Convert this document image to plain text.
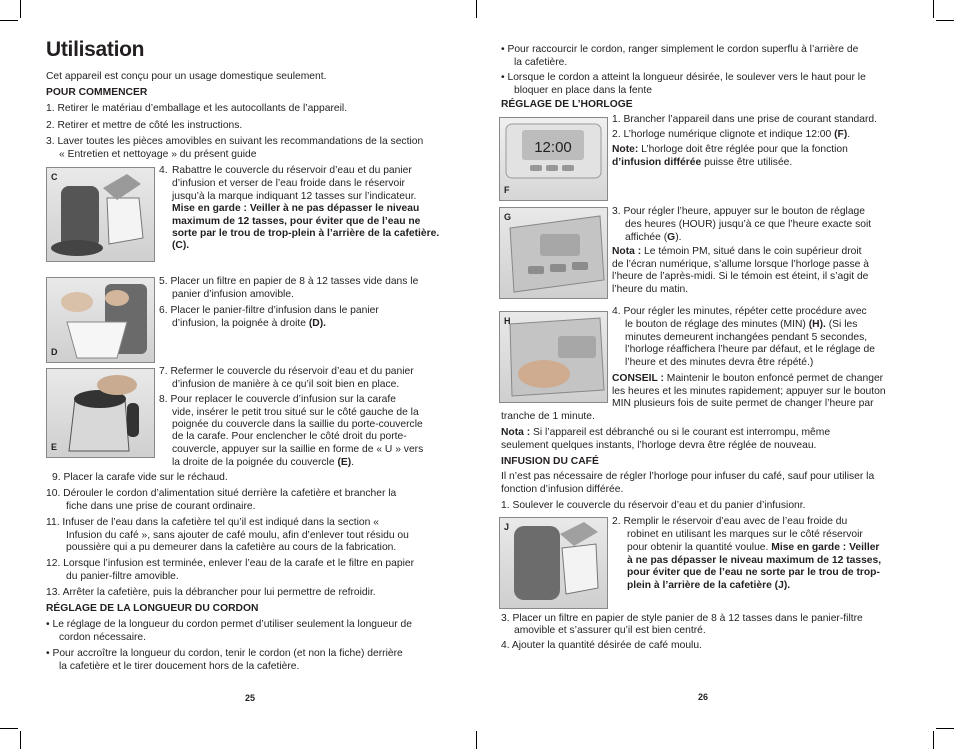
Utilisation

Cet appareil est conçu pour un usage domestique seulement.

POUR COMMENCER

1. Retirer le matériau d’emballage et les autocollants de l’appareil.

2. Retirer et mettre de côté les instructions.

3. Laver toutes les pièces amovibles en suivant les recommandations de la section

« Entretien et nettoyage » du présent guide

C
4. Rabattre le couvercle du réservoir d’eau et du panier

d’infusion et verser de l’eau froide dans le réservoir

jusqu’à la marque indiquant 12 tasses sur l’indicateur.

Mise en garde : Veiller à ne pas dépasser le niveau

maximum de 12 tasses, pour éviter que de l’eau ne

sorte par le trou de trop-plein à l’arrière de la cafetière.

(C).

D

5. Placer un filtre en papier de 8 à 12 tasses vide dans le

panier d’infusion amovible.

6. Placer le panier-filtre d’infusion dans le panier

d’infusion, la poignée à droite (D).

E

7. Refermer le couvercle du réservoir d’eau et du panier

d’infusion de manière à ce qu’il soit bien en place.

8. Pour replacer le couvercle d’infusion sur la carafe

vide, insérer le petit trou situé sur le côté gauche de la

poignée du couvercle dans la saillie du porte-couvercle

de la carafe. Pour enclencher le côté droit du porte-

couvercle, appuyer sur la saillie en forme de « U » vers

la droite de la poignée du couvercle (E).

9. Placer la carafe vide sur le réchaud.

10. Dérouler le cordon d’alimentation situé derrière la cafetière et brancher la

fiche dans une prise de courant ordinaire.

11. Infuser de l’eau dans la cafetière tel qu’il est indiqué dans la section «

Infusion du café », sans ajouter de café moulu, afin d’enlever tout résidu ou

poussière qui a pu demeurer dans la cafetière au cours de la fabrication.

12. Lorsque l’infusion est terminée, enlever l’eau de la carafe et le filtre en papier

du panier-filtre amovible.

13. Arrêter la cafetière, puis la débrancher pour lui permettre de refroidir.

RÉGLAGE DE LA LONGUEUR DU CORDON

• Le réglage de la longueur du cordon permet d’utiliser seulement la longueur de

cordon nécessaire.

• Pour accroître la longueur du cordon, tenir le cordon (et non la fiche) derrière

la cafetière et le tirer doucement hors de la cafetière.

25

• Pour raccourcir le cordon, ranger simplement le cordon superflu à l’arrière de

la cafetière.

• Lorsque le cordon a atteint la longueur désirée, le soulever vers le haut pour le

bloquer en place dans la fente

RÉGLAGE DE L’HORLOGE

12:00
F

1. Brancher l’appareil dans une prise de courant standard.

2. L’horloge numérique clignote et indique 12:00 (F).

Note: L’horloge doit être réglée pour que la fonction

d’infusion différée puisse être utilisée.

G	3. Pour régler l’heure, appuyer sur le bouton de réglage

des heures (HOUR) jusqu’à ce que l’heure exacte soit

affichée (G).

Nota : Le témoin PM, situé dans le coin supérieur droit

de l’écran numérique, s’allume lorsque l’horloge passe à

l’heure de l’après-midi. Si le témoin est éteint, il s’agit de

l’heure du matin.

H

4. Pour régler les minutes, répéter cette procédure avec

le bouton de réglage des minutes (MIN) (H). (Si les

minutes demeurent inchangées pendant 5 secondes,

l’horloge réaffichera l’heure par défaut, et le réglage de

l’heure et des minutes devra être répété.)

CONSEIL : Maintenir le bouton enfoncé permet de changer

les heures et les minutes rapidement; appuyer sur le bouton

MIN plusieurs fois de suite permet de changer l’heure par

tranche de 1 minute.

Nota : Si l’appareil est débranché ou si le courant est interrompu, même

seulement quelques instants, l’horloge devra être réglée de nouveau.

INFUSION DU CAFÉ

Il n’est pas nécessaire de régler l’horloge pour infuser du café, sauf pour utiliser la

fonction d’infusion différée.

1. Soulever le couvercle du réservoir d’eau et du panier d’infusionr.

J	2. Remplir le réservoir d’eau avec de l’eau froide du

robinet en utilisant les marques sur le côté réservoir

pour obtenir la quantité voulue. Mise en garde : Veiller

à ne pas dépasser le niveau maximum de 12 tasses,

pour éviter que de l’eau ne sorte par le trou de trop-

plein à l’arrière de la cafetière (J).

3. Placer un filtre en papier de style panier de 8 à 12 tasses dans le panier-filtre

amovible et s’assurer qu’il est bien centré.

4. Ajouter la quantité désirée de café moulu.

26
